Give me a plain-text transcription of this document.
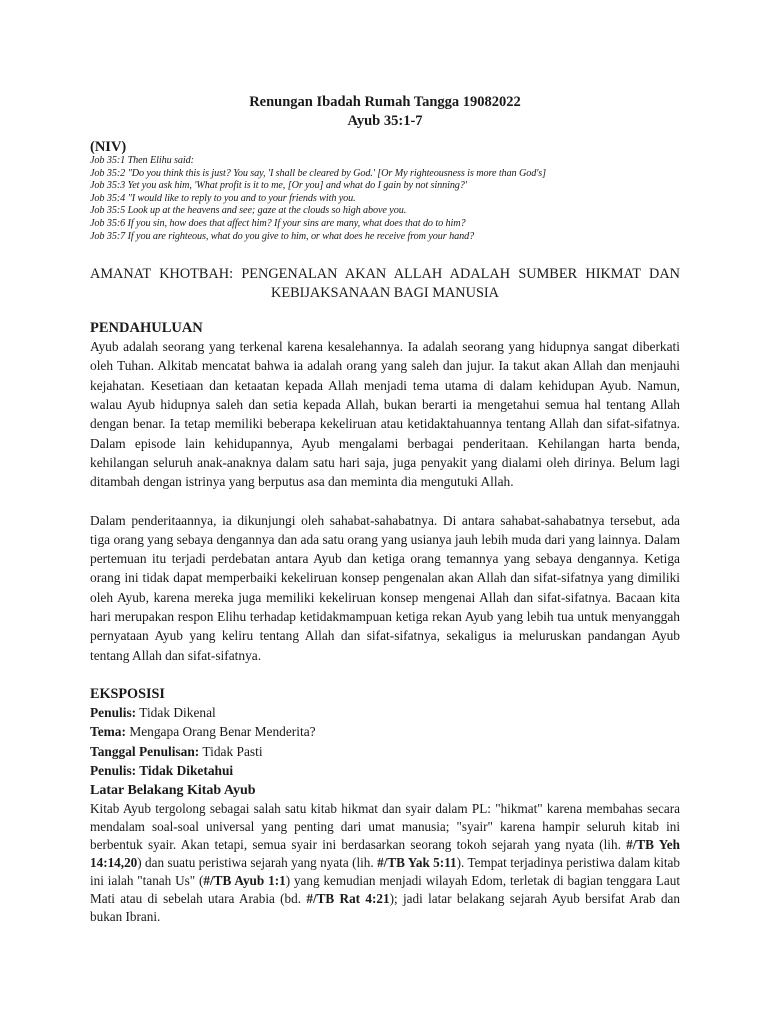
Renungan Ibadah Rumah Tangga 19082022
Ayub 35:1-7
(NIV)
Job 35:1 Then Elihu said:
Job 35:2 "Do you think this is just? You say, 'I shall be cleared by God.' [Or My righteousness is more than God's]
Job 35:3 Yet you ask him, 'What profit is it to me, [Or you] and what do I gain by not sinning?'
Job 35:4 "I would like to reply to you and to your friends with you.
Job 35:5 Look up at the heavens and see; gaze at the clouds so high above you.
Job 35:6 If you sin, how does that affect him? If your sins are many, what does that do to him?
Job 35:7 If you are righteous, what do you give to him, or what does he receive from your hand?
AMANAT KHOTBAH: PENGENALAN AKAN ALLAH ADALAH SUMBER HIKMAT DAN
KEBIJAKSANAAN BAGI MANUSIA
PENDAHULUAN

Ayub adalah seorang yang terkenal karena kesalehannya. Ia adalah seorang yang hidupnya sangat diberkati oleh Tuhan. Alkitab mencatat bahwa ia adalah orang yang saleh dan jujur. Ia takut akan Allah dan menjauhi kejahatan. Kesetiaan dan ketaatan kepada Allah menjadi tema utama di dalam kehidupan Ayub. Namun, walau Ayub hidupnya saleh dan setia kepada Allah, bukan berarti ia mengetahui semua hal tentang Allah dengan benar. Ia tetap memiliki beberapa kekeliruan atau ketidaktahuannya tentang Allah dan sifat-sifatnya. Dalam episode lain kehidupannya, Ayub mengalami berbagai penderitaan. Kehilangan harta benda, kehilangan seluruh anak-anaknya dalam satu hari saja, juga penyakit yang dialami oleh dirinya. Belum lagi ditambah dengan istrinya yang berputus asa dan meminta dia mengutuki Allah.

Dalam penderitaannya, ia dikunjungi oleh sahabat-sahabatnya. Di antara sahabat-sahabatnya tersebut, ada tiga orang yang sebaya dengannya dan ada satu orang yang usianya jauh lebih muda dari yang lainnya. Dalam pertemuan itu terjadi perdebatan antara Ayub dan ketiga orang temannya yang sebaya dengannya. Ketiga orang ini tidak dapat memperbaiki kekeliruan konsep pengenalan akan Allah dan sifat-sifatnya yang dimiliki oleh Ayub, karena mereka juga memiliki kekeliruan konsep mengenai Allah dan sifat-sifatnya. Bacaan kita hari merupakan respon Elihu terhadap ketidakmampuan ketiga rekan Ayub yang lebih tua untuk menyanggah pernyataan Ayub yang keliru tentang Allah dan sifat-sifatnya, sekaligus ia meluruskan pandangan Ayub tentang Allah dan sifat-sifatnya.

EKSPOSISI
Penulis: Tidak Dikenal
Tema: Mengapa Orang Benar Menderita?
Tanggal Penulisan: Tidak Pasti
Penulis: Tidak Diketahui
Latar Belakang Kitab Ayub

Kitab Ayub tergolong sebagai salah satu kitab hikmat dan syair dalam PL: "hikmat" karena membahas secara mendalam soal-soal universal yang penting dari umat manusia; "syair" karena hampir seluruh kitab ini berbentuk syair. Akan tetapi, semua syair ini berdasarkan seorang tokoh sejarah yang nyata (lih. #/TB Yeh 14:14,20) dan suatu peristiwa sejarah yang nyata (lih. #/TB Yak 5:11). Tempat terjadinya peristiwa dalam kitab ini ialah "tanah Us" (#/TB Ayub 1:1) yang kemudian menjadi wilayah Edom, terletak di bagian tenggara Laut Mati atau di sebelah utara Arabia (bd. #/TB Rat 4:21); jadi latar belakang sejarah Ayub bersifat Arab dan bukan Ibrani.
